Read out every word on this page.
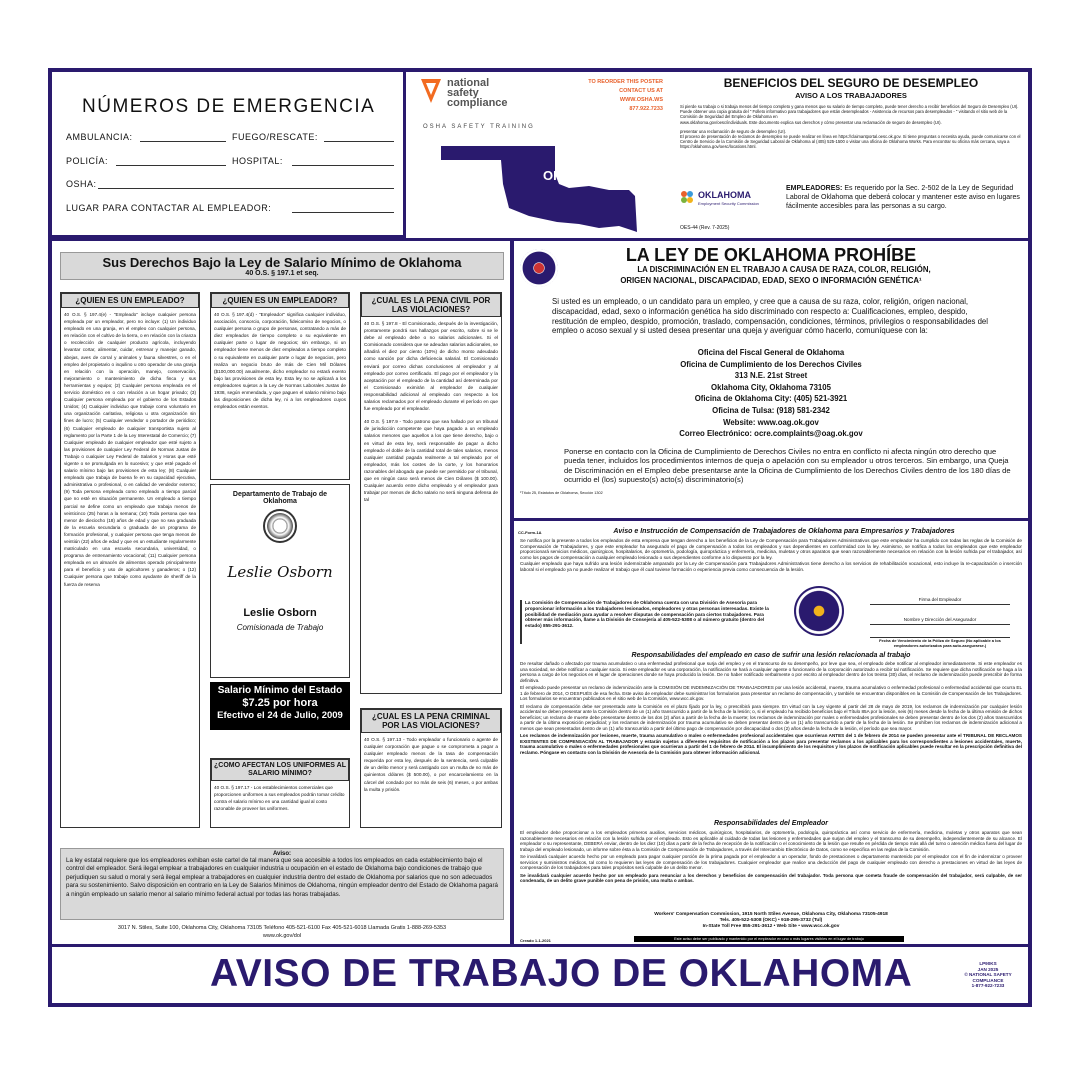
NÚMEROS DE EMERGENCIA
AMBULANCIA:	FUEGO/RESCATE:
POLICÍA:	HOSPITAL:
OSHA:
LUGAR PARA CONTACTAR AL EMPLEADOR:
national
safety
compliance
OSHA SAFETY TRAINING
TO REORDER THIS POSTER
CONTACT US AT
WWW.OSHA.WS
877.922.7233
OK
BENEFICIOS DEL SEGURO DE DESEMPLEO
AVISO A LOS TRABAJADORES

Si pierde su trabajo o si trabaja menos del tiempo completo y gana menos que su salario de tiempo completo, puede tener derecho a recibir beneficios del Seguro de Desempleo (UI). Puede obtener una copia gratuita del " Folleto informativo para trabajadores que están desempleados - Asistencia de recursos para desempleados - " visitando el sitio web de la Comisión de Seguridad del Empleo de Oklahoma en

www.oklahoma.gov/oesc/individuals. Este documento explica sus derechos y cómo presentar una reclamación de seguro de desempleo (UI).

presentar una reclamación de seguro de desempleo (UI).

El proceso de presentación de reclamos de desempleo se puede realizar en línea en https://claimantportal.oesc.ok.gov. Si tiene preguntas o necesita ayuda, puede comunicarse con el Centro de Servicio de la Comisión de Seguridad Laboral de Oklahoma al (405) 525-1500 o visitar una oficina de Oklahoma Works. Para encontrar su oficina más cercana, vaya a https://oklahoma.gov/oesc/locations.html.

OKLAHOMA
Employment Security Commission
EMPLEADORES: Es requerido por la Sec. 2-502 de la Ley de Seguridad Laboral de Oklahoma que deberá colocar y mantener este aviso en lugares fácilmente accesibles para las personas a su cargo.
OES-44 (Rev. 7-2025)
Sus Derechos Bajo la Ley de Salario Mínimo de Oklahoma
40 O.S. § 197.1 et seq.
¿QUIEN ES UN EMPLEADO?
40 O.S. § 197.4(e) - "Empleado" incluye cualquier persona empleada por un empleador, pero no incluye: (1) Un individuo empleado en una granja, en el empleo con cualquier persona, en relación con el cultivo de la tierra, o en relación con la crianza o recolección de cualquier producto agrícola, incluyendo levantar cortar, alimentar, cuidar, entrenar y manejar ganado, abejas, aves de corral y animales y fauna silvestres, o en el empleo del propietario o inquilino u otro operador de una granja en relación con la operación, manejo, conservación, mejoramiento o mantenimiento de dicha finca y sus herramientas y equipo; (2) Cualquier persona empleada en el servicio doméstico en o con relación a un hogar privado; (3) Cualquier persona empleada por el gobierno de los Estados Unidos; (4) Cualquier individuo que trabaje como voluntario en una organización caritativa, religiosa u otra organización sin fines de lucro; (5) Cualquier vendedor o portador de periódico; (6) Cualquier empleado de cualquier transportista sujeto al reglamento por la Parte 1 de la Ley Interestatal de Comercio; (7) Cualquier empleado de cualquier empleador que esté sujeto a las provisiones de cualquier Ley Federal de Normas Justas de Trabajo o cualquier Ley Federal de Salarios y Horas que esté vigente o se promulgada en lo sucesivo; y que esté pagado el salario mínimo bajo las provisiones de esta ley; (8) Cualquier empleado que trabaja de buena fe en su capacidad ejecutiva, administrativa o profesional, o en calidad de vendedor externo; (9) Toda persona empleada como empleado a tiempo parcial que no esté en situación permanente. Un empleado a tiempo parcial se define como un empleado que trabaja menos de veinticinco (25) horas a la semana; (10) Toda persona que sea menor de dieciocho (18) años de edad y que no sea graduada de la escuela secundaria o graduada de un programa de formación profesional, y cualquier persona que tenga menos de veintiún (22) años de edad y que es un estudiante regularmente matriculado en una escuela secundaria, universidad, o programa de entrenamiento vocacional; (11) Cualquier persona empleada en un almacén de alimentos operado principalmente para el beneficio y uso de agricultores y ganaderos; o (12) Cualquier persona que trabaje como ayudante de sheriff de la fuerza de reserva
¿QUIEN ES UN EMPLEADOR?
40 O.S. § 197.4(d) - "Empleador" significa cualquier individuo, asociación, consorcio, corporación, fideicomiso de negocios, o cualquier persona o grupo de personas, contratando a más de diez empleados de tiempo completo o su equivalente en cualquier parte o lugar de negocios; sin embargo, si un empleador tiene menos de diez empleados a tiempo completo o su equivalente en cualquier parte o lugar de negocios, pero realiza un negocio bruto de más de Cien Mil Dólares ($100,000.00) anualmente, dicho empleador no estará exento bajo las provisiones de esta ley. Esta ley no se aplicará a los empleadores sujetos a la Ley de Normas Laborales Justas de 1938, según enmendada, y que paguen el salario mínimo bajo las disposiciones de dicha ley, ni a los empleadores cuyos empleados están exentos.
Departamento de Trabajo de Oklahoma
Leslie Osborn
Leslie Osborn
Comisionada de Trabajo
Salario Mínimo del Estado
$7.25 por hora
Efectivo el 24 de Julio, 2009
¿COMO AFECTAN LOS UNIFORMES AL SALARIO MÍNIMO?
40 O.S. § 197.17 - Los establecimientos comerciales que proporcionen uniformes a sus empleados podrán tomar crédito contra el salario mínimo en una cantidad igual al costo razonable de proveer los uniformes.
¿CUAL ES LA PENA CIVIL POR LAS VIOLACIONES?
40 O.S. § 197.8 - El Comisionado, después de la investigación, prontamente pondrá sus hallazgos por escrito, sobre si se le debe al empleado debe o no salarios adicionales. Si el Comisionado considera que se adeudan salarios adicionales, se añadirá el diez por ciento (10%) de dicho monto adeudado como sanción por dicha deficiencia salarial. El Comisionado enviará por correo dichas conclusiones al empleador y al empleado por correo certificado. El pago por el empleador y la aceptación por el empleado de la cantidad así determinada por el Comisionado eximirán al empleador de cualquier responsabilidad adicional al empleado con respecto a los salarios reclamados por el empleado durante el período en que fue empleado por el empleador.
40 O.S. § 197.9 - Todo patrono que sea hallado por un tribunal de jurisdicción competente que haya pagado a un empleado salarios menores que aquellos a los que tiene derecho, bajo o en virtud de esta ley, será responsable de pagar a dicho empleado el doble de la cantidad total de tales salarios, menos cualquier cantidad pagada realmente a tal empleado por el empleador, más los costes de la corte, y los honorarios razonables del abogado que puede ser permitido por el tribunal, que en ningún caso será menos de Cien Dólares ($ 100.00). Cualquier acuerdo entre dicho empleado y el empleador para trabajar por menos de dicho salario no será ninguna defensa de tal
¿CUAL ES LA PENA CRIMINAL POR LAS VIOLACIONES?
40 O.S. § 197.13 - Todo empleador o funcionario o agente de cualquier corporación que pague o se comprometa a pagar a cualquier empleado menos de la tasa de compensación requerida por esta ley, después de la sentencia, será culpable de un delito menor y será castigado con un multa de no más de quinientos dólares ($ 500.00), o por encarcelamiento en la cárcel del condado por no más de seis (6) meses, o por ambas la multa y prisión.
Aviso:
La ley estatal requiere que los empleadores exhiban este cartel de tal manera que sea accesible a todos los empleados en cada establecimiento bajo el control del empleador. Será ilegal emplear a trabajadores en cualquier industria u ocupación en el estado de Oklahoma bajo condiciones de trabajo que perjudiquen su salud o moral y será ilegal emplear a trabajadores en cualquier industria dentro del estado de Oklahoma por salarios que no son adecuados para su sostenimiento. Salvo disposición en contrario en la Ley de Salarios Mínimos de Oklahoma, ningún empleador dentro del Estado de Oklahoma pagará a ningún empleado un salario menor al salario mínimo federal actual por todas las horas trabajadas.
3017 N. Stiles, Suite 100, Oklahoma City, Oklahoma 73105 Teléfono 405-521-6100 Fax 405-521-6018 Llamada Gratis 1-888-269-5353
www.ok.gov/dol
LA LEY DE OKLAHOMA PROHÍBE
LA DISCRIMINACIÓN EN EL TRABAJO A CAUSA DE RAZA, COLOR, RELIGIÓN,
ORIGEN NACIONAL, DISCAPACIDAD, EDAD, SEXO O INFORMACIÓN GENÉTICA¹
Si usted es un empleado, o un candidato para un empleo, y cree que a causa de su raza, color, religión, origen nacional, discapacidad, edad, sexo o información genética ha sido discriminado con respecto a: Cualificaciones, empleo, despido, restitución de empleo, despido, promoción, traslado, compensación, condiciones, términos, privilegios o responsabilidades del empleo o acoso sexual y si usted desea presentar una queja y averiguar cómo hacerlo, comuníquese con la:
Oficina del Fiscal General de Oklahoma
Oficina de Cumplimiento de los Derechos Civiles
313 N.E. 21st Street
Oklahoma City, Oklahoma 73105
Oficina de Oklahoma City: (405) 521-3921
Oficina de Tulsa: (918) 581-2342
Website: www.oag.ok.gov
Correo Electrónico: ocre.complaints@oag.ok.gov
Ponerse en contacto con la Oficina de Cumplimiento de Derechos Civiles no entra en conflicto ni afecta ningún otro derecho que pueda tener, incluidos los procedimientos internos de queja o apelación con su empleador u otros terceros. Sin embargo, una Queja de Discriminación en el Empleo debe presentarse ante la Oficina de Cumplimiento de los Derechos Civiles dentro de los 180 días de ocurrido el (los) supuesto(s) acto(s) discriminatorio(s)
¹Título 25, Estatutos de Oklahoma, Sección 1302
CC-Form-1A	Aviso e Instrucción de Compensación de Trabajadores de Oklahoma para Empresarios y Trabajadores

Se notifica por la presente a todos los empleados de esta empresa que tengan derecho a los beneficios de la Ley de Compensación para Trabajadores Administrativos que este empleador ha cumplido con todas las reglas de la Comisión de Compensación de Trabajadores, y que este empleador ha asegurado el pago de compensación a todos los empleados y sus dependientes en conformidad con la ley. Asimismo, se notifica a todos los empleados que este empleador proporcionará servicios médicos, quirúrgicos, hospitalarios, de optometría, podología, quiropráctica y enfermería, medicina, muletas y otros aparatos que sean razonablemente necesarios en relación con la lesión sufrida por el trabajador, así como los pagos de compensación a cualquier empleado lesionado o sus dependientes conforme a lo dispuesto por la ley.

Cualquier empleado que haya sufrido una lesión indemnizable amparado por la Ley de Compensación para Trabajadores Administrativos tiene derecho a los servicios de rehabilitación vocacional, esto incluye la re-capacitación o inserción laboral si el empleado ya no puede realizar el trabajo que él cual tuviese formación o experiencia previa como consecuencia de la lesión.

La Comisión de Compensación de Trabajadores de Oklahoma cuenta con una División de Asesoría para proporcionar información a los trabajadores lesionados, empleadores y otras personas interesadas. Existe la posibilidad de mediación para ayudar a resolver disputas de compensación para ciertos trabajadores. Para obtener más información, llame a la División de Consejería al 405-522-5308 o al número gratuito (dentro del estado) 855-291-3612.
Firma del Empleador
Nombre y Dirección del Asegurador
Fecha de Vencimiento de la Póliza de Seguro (No aplicable a los empleadores autorizados para auto-asegurarse.)
Responsabilidades del empleado en caso de sufrir una lesión relacionada al trabajo

De resultar dañado o afectado por trauma acumulativo o una enfermedad profesional que surja del empleo y en el transcurso de su desempeño, por leve que sea, el empleado debe notificar al empleador inmediatamente. Si este empleador es una sociedad, se debe notificar a cualquier socio. Si este empleador es una corporación, la notificación se hará a cualquier agente o funcionario de la corporación autorizado a recibir tal notificación. Se requiere que dicha notificación se haga a la persona a cargo de los negocios en el lugar de operaciones donde se haya producido la lesión. De no haber notificado verbalmente o por escrito al empleador dentro de los treinta (30) días, el reclamo de indemnización puede prescribir de forma definitiva.

El empleado puede presentar un reclamo de indemnización ante la COMISIÓN DE INDEMNIZACIÓN DE TRABAJADORES por una lesión accidental, muerte, trauma acumulativo o enfermedad profesional o enfermedad accidental que ocurra EL 1 de febrero de 2014, O DESPUÉS de esa fecha. Este aviso de empleador debe suministrar los formularios para presentar un reclamo de compensación, y también se encuentran disponibles en la Comisión de Compensación de los Trabajadores. Los formularios se encuentran publicados en el sitio web de la Comisión, www.wcc.ok.gov.

El reclamo de compensación debe ser presentado ante la Comisión en el plazo fijado por la ley, o prescribirá para siempre. En virtud con la Ley vigente al partir del 28 de mayo de 2019, los reclamos de indemnización por cualquier lesión accidental se deben presentar ante la Comisión dentro de un (1) año transcurrido a partir de la fecha de la lesión; o, si el empleado ha recibido beneficios bajo el Título 85A por la lesión, seis (6) meses desde la fecha de la última emisión de dichos beneficios; un reclamo de muerte debe presentarse dentro de los dos (2) años a partir de la fecha de la muerte; los reclamos de indemnización por males o enfermedades profesionales se deben presentar dentro de los dos (2) años transcurridos a partir de la última exposición perjudicial; y los reclamos de indemnización por trauma acumulativo se deben presentar dentro de un (1) año transcurrido a partir de la fecha de la lesión. Se prohíben los reclamos de indemnización adicional a menos que sean presentados dentro de un (1) año transcurrido a partir del último pago de compensación por discapacidad o dos (2) años desde la fecha de la lesión, el período que sea mayor.

Los reclamos de indemnización por lesiones, muerte, trauma acumulativo o males o enfermedades profesional accidentales que ocurrieran ANTES del 1 de febrero de 2014 se pueden presentar ante el TRIBUNAL DE RECLAMOS EXISTENTES DE COMPENSACIÓN AL TRABAJADOR y estarán sujetos a diferentes requisitos de notificación a los plazos para presentar reclamos a los aplicables para los correspondientes a lesiones accidentales, muerte, trauma acumulativo o males o enfermedades profesionales que ocurrieran a partir del 1 de febrero de 2014. El incumplimiento de los requisitos y los plazos de notificación aplicables puede resultar en la prescripción definitiva del reclamo. Póngase en contacto con la División de Asesoría de la Comisión para obtener información adicional.

Responsabilidades del Empleador

El empleador debe proporcionar a los empleados primeros auxilios, servicios médicos, quirúrgicos, hospitalarios, de optometría, podología, quiropráctica así como servicio de enfermería, medicina, muletas y otros aparatos que sean razonablemente necesarios en relación con la lesión sufrida por el empleado. Esto es aplicable al cuidado de todas las lesiones y enfermedades que surjan del empleo y el transcurso de su desempeño, independientemente de su alcance. El empleador o su representante, DEBERÁ enviar, dentro de los diez (10) días a partir de la fecha de recepción de la notificación o el conocimiento de la lesión que resulte en pérdida de tiempo más allá del turno o atención médica fuera del lugar de trabajo del empleado lesionado, un informe sobre ésta a la Comisión de Compensación de Trabajadores, a través del Intercambio Electrónico de Datos, como se especifica en las reglas de la Comisión.

Se invalidará cualquier acuerdo hecho por un empleado para pagar cualquier porción de la prima pagada por el empleador a un operador, fondo de prestaciones o departamento mantenido por el empleador con el fin de indemnizar o proveer servicios y suministros médicos, tal como lo requieren las leyes de compensación de los trabajadores. Cualquier empleador que realice una deducción del pago de cualquier empleado con derecho a prestaciones en virtud de las leyes de compensación de los trabajadores para tales propósitos será culpable de un delito menor.

Se invalidará cualquier acuerdo hecho por un empleado para renunciar a los derechos y beneficios de compensación del trabajador. Toda persona que cometa fraude de compensación del trabajador, será culpable, de ser condenada, de un delito grave punible con pena de prisión, una multa o ambas.

Workers' Compensation Commission, 1915 North Stiles Avenue, Oklahoma City, Oklahoma 73105-4918
Tels. 405-522-5308 (OKC) • 918-295-3732 (Tul)
In-State Toll Free 855-291-3612 • Web Site • www.wcc.ok.gov
Creado 1-1-2021	Este aviso debe ser publicado y mantenido por el empleador en uno o más lugares visibles en el lugar de trabajo
AVISO DE TRABAJO DE OKLAHOMA	LP90KS
JAN 2025
© NATIONAL SAFETY COMPLIANCE
1-877-922-7233
